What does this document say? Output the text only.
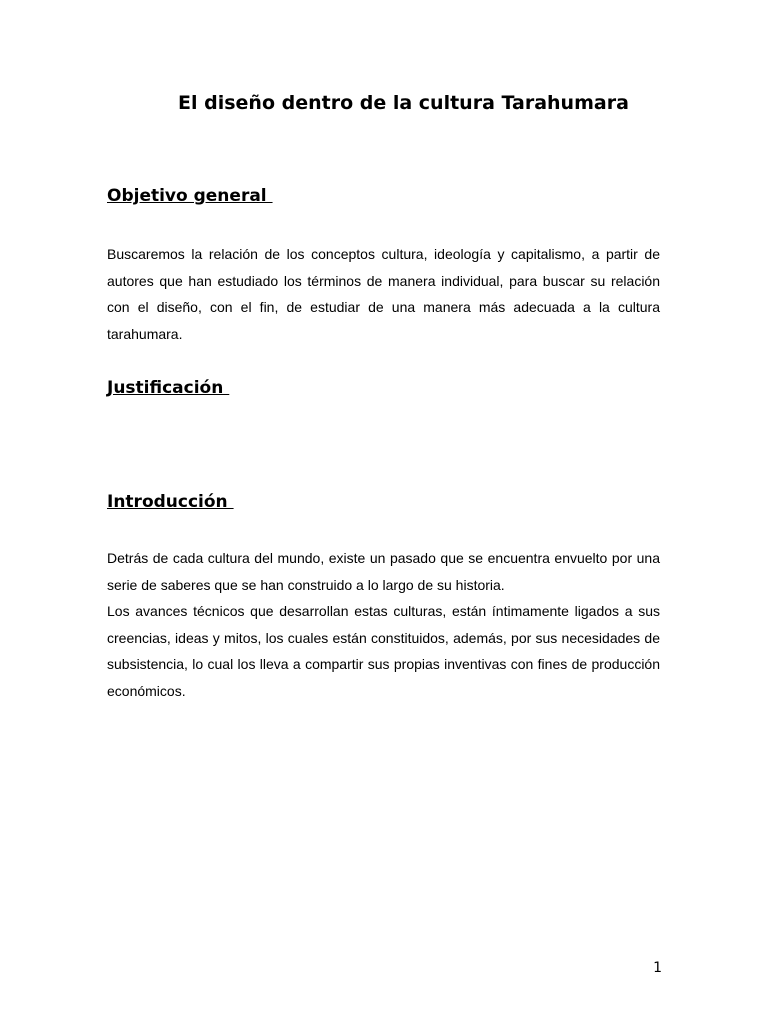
El diseño dentro de la cultura Tarahumara
Objetivo general

Buscaremos la relación de los conceptos cultura, ideología y capitalismo, a partir de autores que han estudiado los términos de manera individual, para buscar su relación con el diseño, con el fin, de estudiar de una manera más adecuada a la cultura tarahumara.

Justificación
Introducción

Detrás de cada cultura del mundo, existe un pasado que se encuentra envuelto por una serie de saberes que se han construido a lo largo de su historia.

Los avances técnicos que desarrollan estas culturas, están íntimamente ligados a sus creencias, ideas y mitos, los cuales están constituidos, además, por sus necesidades de subsistencia, lo cual los lleva a compartir sus propias inventivas con fines de producción económicos.

1
